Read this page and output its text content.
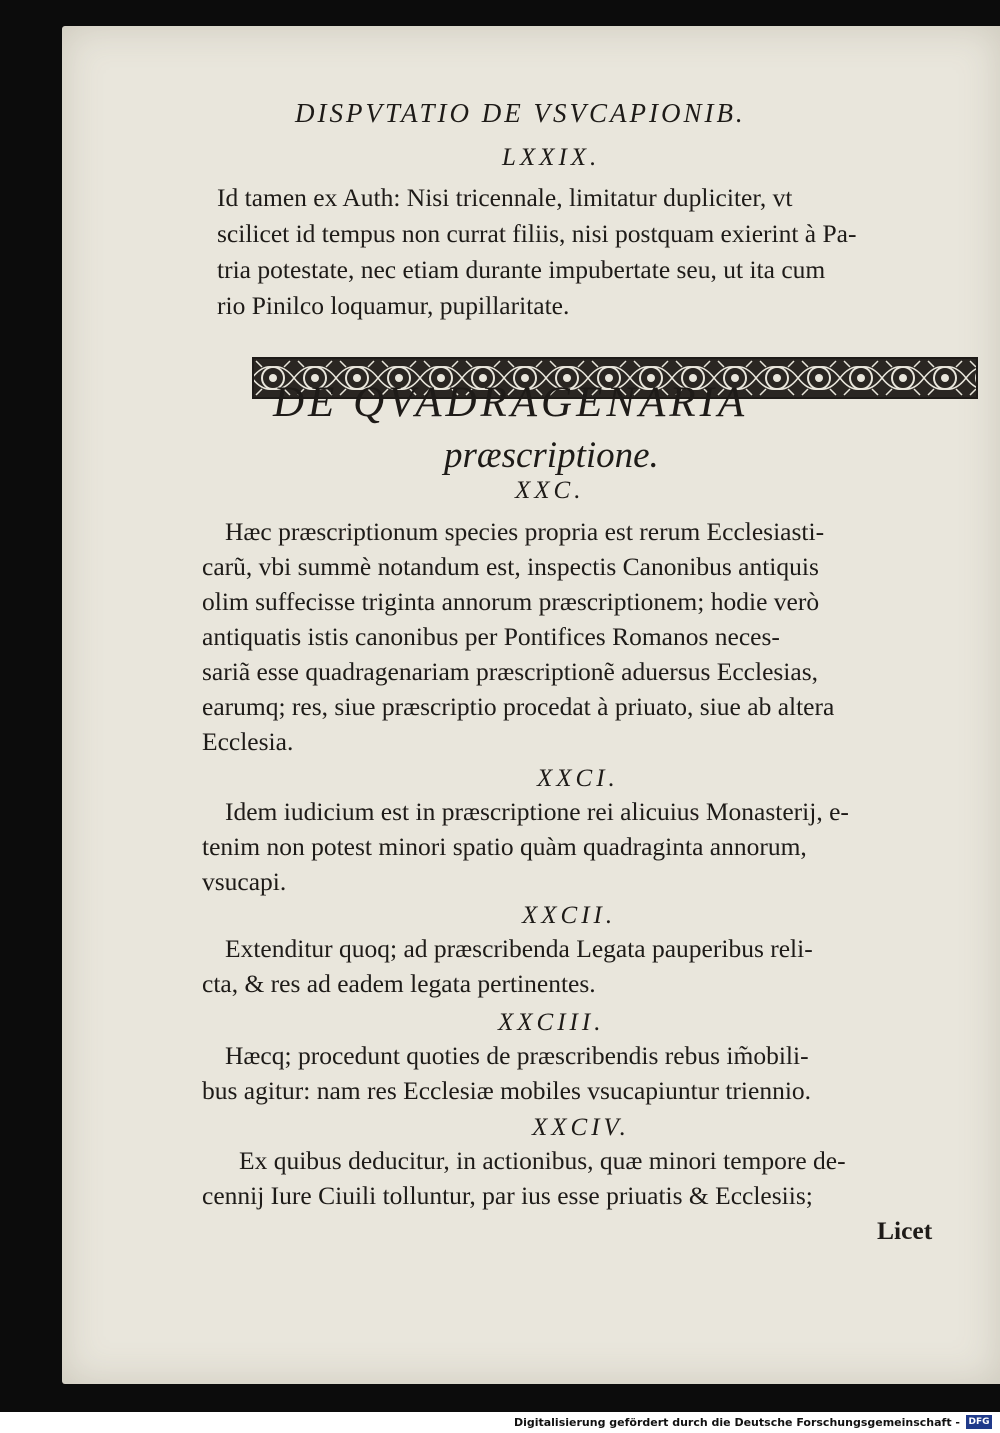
DISPVTATIO DE VSVCAPIONIB.
LXXIX.
Id tamen ex Auth: Nisi tricennale, limitatur dupliciter, vt
scilicet id tempus non currat filiis, nisi postquam exierint à Pa-
tria potestate, nec etiam durante impubertate seu, ut ita cum
rio Pinilco loquamur, pupillaritate.
DE QVADRAGENARIA
præscriptione.
XXC.
Hæc præscriptionum species propria est rerum Ecclesiasti-
carũ, vbi summè notandum est, inspectis Canonibus antiquis
olim suffecisse triginta annorum præscriptionem; hodie verò
antiquatis istis canonibus per Pontifices Romanos neces-
sariã esse quadragenariam præscriptionẽ aduersus Ecclesias,
earumq; res, siue præscriptio procedat à priuato, siue ab altera
Ecclesia.
XXCI.
Idem iudicium est in præscriptione rei alicuius Monasterij, e-
tenim non potest minori spatio quàm quadraginta annorum,
vsucapi.
XXCII.
Extenditur quoq; ad præscribenda Legata pauperibus reli-
cta, & res ad eadem legata pertinentes.
XXCIII.
Hæcq; procedunt quoties de præscribendis rebus im̃obili-
bus agitur: nam res Ecclesiæ mobiles vsucapiuntur triennio.
XXCIV.
Ex quibus deducitur, in actionibus, quæ minori tempore de-
cennij Iure Ciuili tolluntur, par ius esse priuatis & Ecclesiis;
Licet
Digitalisierung gefördert durch die Deutsche Forschungsgemeinschaft - DFG
